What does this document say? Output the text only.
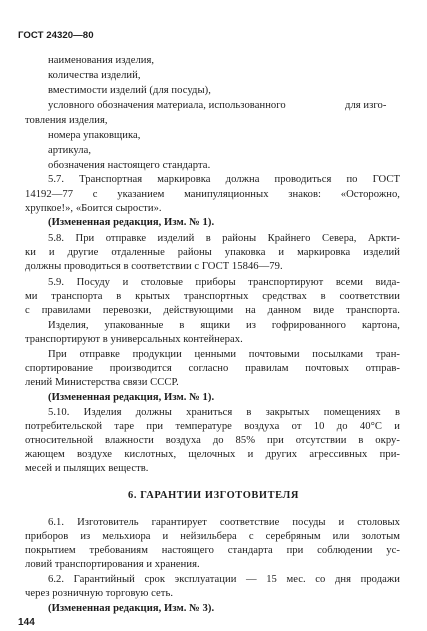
ГОСТ 24320—80
наименования изделия,
количества изделий,
вместимости изделий (для посуды),
условного обозначения материала, использованного	для изго-
товления изделия,
номера упаковщика,
артикула,
обозначения настоящего стандарта.
5.7. Транспортная маркировка должна проводиться по ГОСТ
14192—77 с указанием манипуляционных знаков: «Осторожно,
хрупкое!», «Боится сырости».
(Измененная редакция, Изм. № 1).
5.8. При отправке изделий в районы Крайнего Севера, Аркти-
ки и другие отдаленные районы упаковка и маркировка изделий
должны проводиться в соответствии с ГОСТ 15846—79.
5.9. Посуду и столовые приборы транспортируют всеми вида-
ми транспорта в крытых транспортных средствах в соответствии
с правилами перевозки, действующими на данном виде транспорта.
Изделия, упакованные в ящики из гофрированного картона,
транспортируют в универсальных контейнерах.
При отправке продукции ценными почтовыми посылками тран-
спортирование производится согласно правилам почтовых отправ-
лений Министерства связи СССР.
(Измененная редакция, Изм. № 1).
5.10. Изделия должны храниться в закрытых помещениях в
потребительской таре при температуре воздуха от 10 до 40°С и
относительной влажности воздуха до 85% при отсутствии в окру-
жающем воздухе кислотных, щелочных и других агрессивных при-
месей и пылящих веществ.
6. ГАРАНТИИ ИЗГОТОВИТЕЛЯ
6.1. Изготовитель гарантирует соответствие посуды и столовых
приборов из мельхиора и нейзильбера с серебряным или золотым
покрытием требованиям настоящего стандарта при соблюдении ус-
ловий транспортирования и хранения.
6.2. Гарантийный срок эксплуатации — 15 мес. со дня продажи
через розничную торговую сеть.
(Измененная редакция, Изм. № 3).
144
